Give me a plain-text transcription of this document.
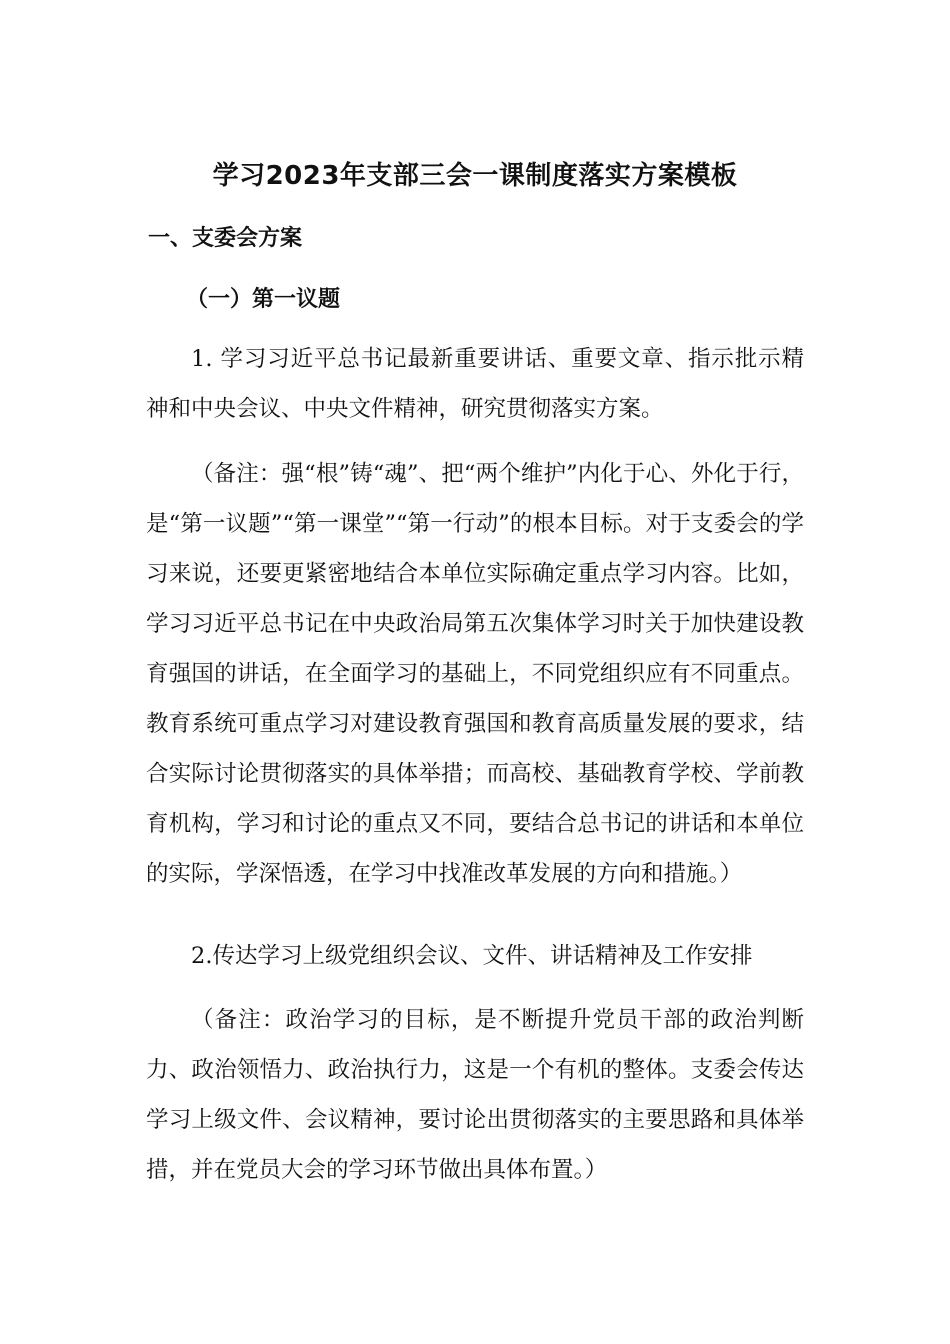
学习2023年支部三会一课制度落实方案模板
一、支委会方案
（一）第一议题
1. 学习习近平总书记最新重要讲话、重要文章、指示批示精神和中央会议、中央文件精神，研究贯彻落实方案。
（备注：强“根”铸“魂”、把“两个维护”内化于心、外化于行，是“第一议题”“第一课堂”“第一行动”的根本目标。对于支委会的学习来说，还要更紧密地结合本单位实际确定重点学习内容。比如，学习习近平总书记在中央政治局第五次集体学习时关于加快建设教育强国的讲话，在全面学习的基础上，不同党组织应有不同重点。教育系统可重点学习对建设教育强国和教育高质量发展的要求，结合实际讨论贯彻落实的具体举措；而高校、基础教育学校、学前教育机构，学习和讨论的重点又不同，要结合总书记的讲话和本单位的实际，学深悟透，在学习中找准改革发展的方向和措施。）
2.传达学习上级党组织会议、文件、讲话精神及工作安排
（备注：政治学习的目标，是不断提升党员干部的政治判断力、政治领悟力、政治执行力，这是一个有机的整体。支委会传达学习上级文件、会议精神，要讨论出贯彻落实的主要思路和具体举措，并在党员大会的学习环节做出具体布置。）
